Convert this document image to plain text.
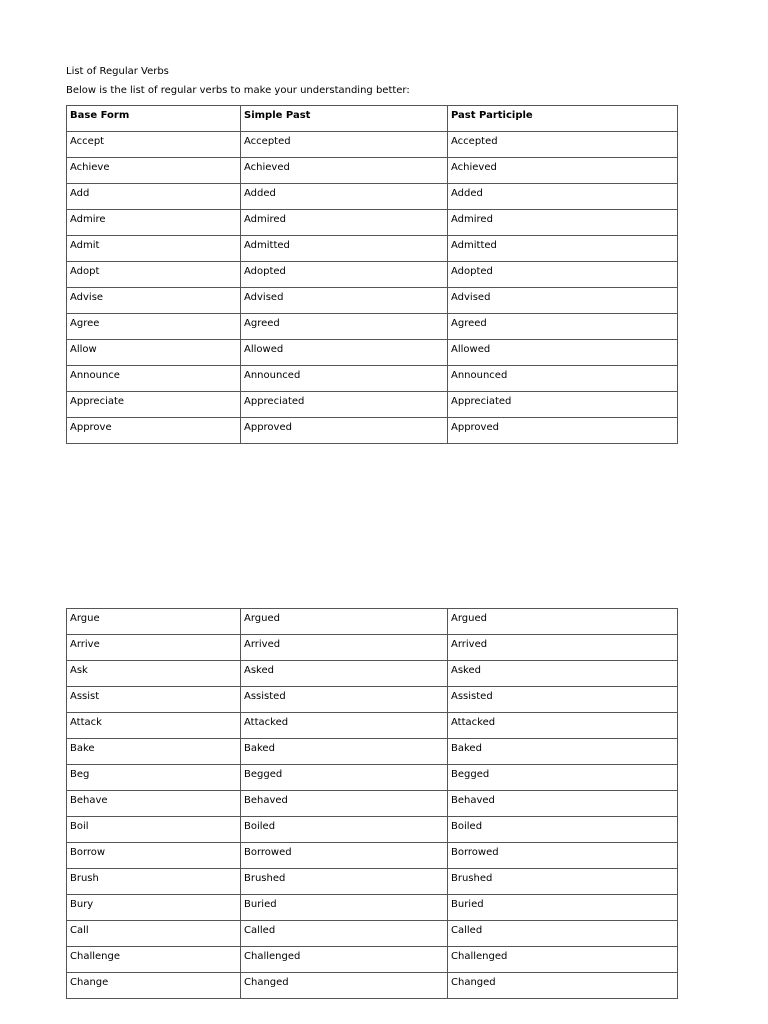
List of Regular Verbs
Below is the list of regular verbs to make your understanding better:
Base Form	Simple Past	Past Participle
Accept	Accepted	Accepted
Achieve	Achieved	Achieved
Add	Added	Added
Admire	Admired	Admired
Admit	Admitted	Admitted
Adopt	Adopted	Adopted
Advise	Advised	Advised
Agree	Agreed	Agreed
Allow	Allowed	Allowed
Announce	Announced	Announced
Appreciate	Appreciated	Appreciated
Approve	Approved	Approved
Argue	Argued	Argued
Arrive	Arrived	Arrived
Ask	Asked	Asked
Assist	Assisted	Assisted
Attack	Attacked	Attacked
Bake	Baked	Baked
Beg	Begged	Begged
Behave	Behaved	Behaved
Boil	Boiled	Boiled
Borrow	Borrowed	Borrowed
Brush	Brushed	Brushed
Bury	Buried	Buried
Call	Called	Called
Challenge	Challenged	Challenged
Change	Changed	Changed
